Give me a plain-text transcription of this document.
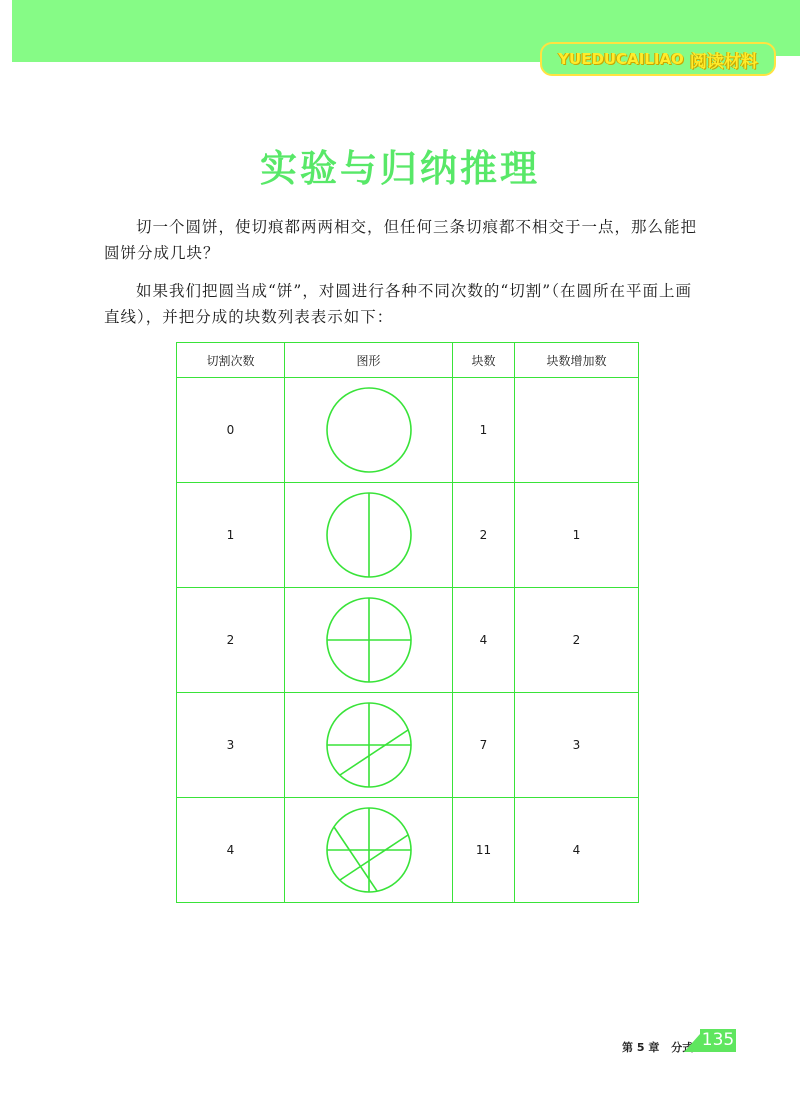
YUEDUCAILIAO 阅读材料
实验与归纳推理

切一个圆饼，使切痕都两两相交，但任何三条切痕都不相交于一点，那么能把圆饼分成几块？

如果我们把圆当成“饼”，对圆进行各种不同次数的“切割”（在圆所在平面上画直线），并把分成的块数列表表示如下：

切割次数	图形	块数	块数增加数
0		1	
1		2	1
2		4	2
3		7	3
4		11	4
第 5 章 分式 135
